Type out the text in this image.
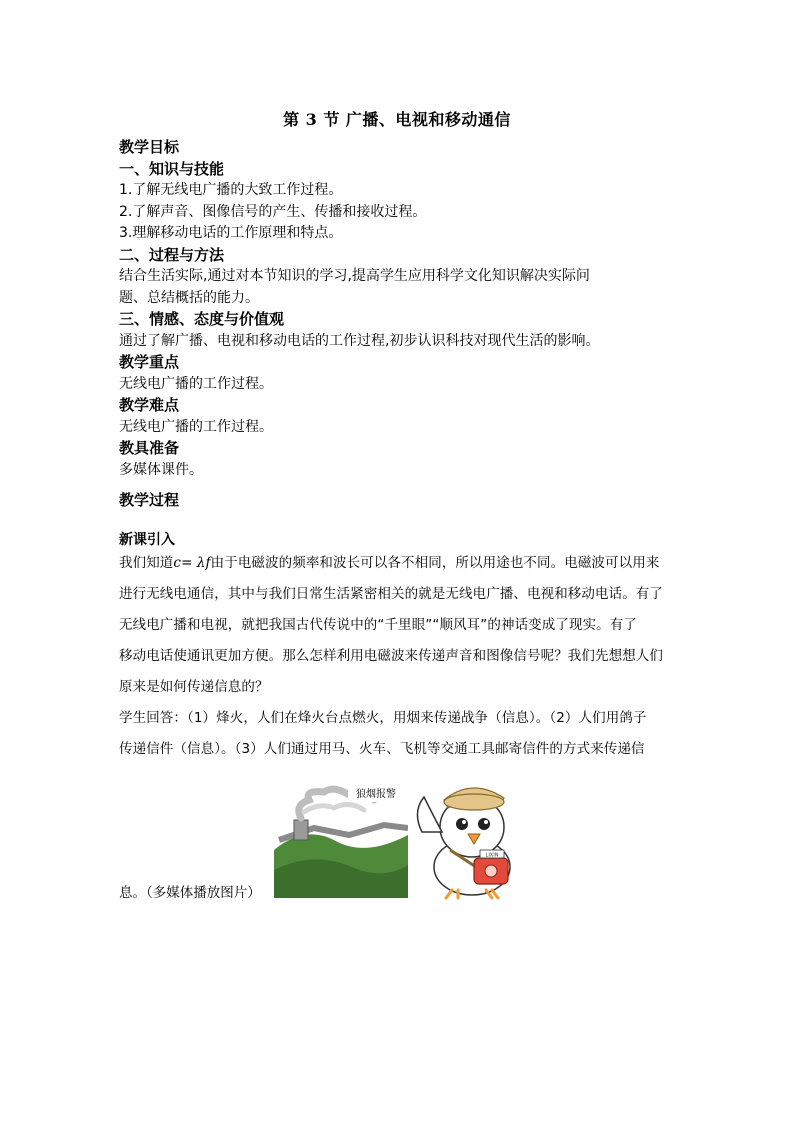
第 3 节 广播、电视和移动通信
教学目标
一、知识与技能
1.了解无线电广播的大致工作过程。
2.了解声音、图像信号的产生、传播和接收过程。
3.理解移动电话的工作原理和特点。
二、过程与方法
结合生活实际,通过对本节知识的学习,提高学生应用科学文化知识解决实际问
题、总结概括的能力。
三、情感、态度与价值观
通过了解广播、电视和移动电话的工作过程,初步认识科技对现代生活的影响。
教学重点
无线电广播的工作过程。
教学难点
无线电广播的工作过程。
教具准备
多媒体课件。
教学过程
新课引入
我们知道c= λf由于电磁波的频率和波长可以各不相同，所以用途也不同。电磁波可以用来
进行无线电通信，其中与我们日常生活紧密相关的就是无线电广播、电视和移动电话。有了
无线电广播和电视，就把我国古代传说中的“千里眼”“顺风耳”的神话变成了现实。有了
移动电话使通讯更加方便。那么怎样利用电磁波来传递声音和图像信号呢？我们先想想人们
原来是如何传递信息的？
学生回答：（1）烽火，人们在烽火台点燃火，用烟来传递战争（信息）。（2）人们用鸽子
传递信件（信息）。（3）人们通过用马、火车、飞机等交通工具邮寄信件的方式来传递信
狼烟报警
LIXIN
息。（多媒体播放图片）
